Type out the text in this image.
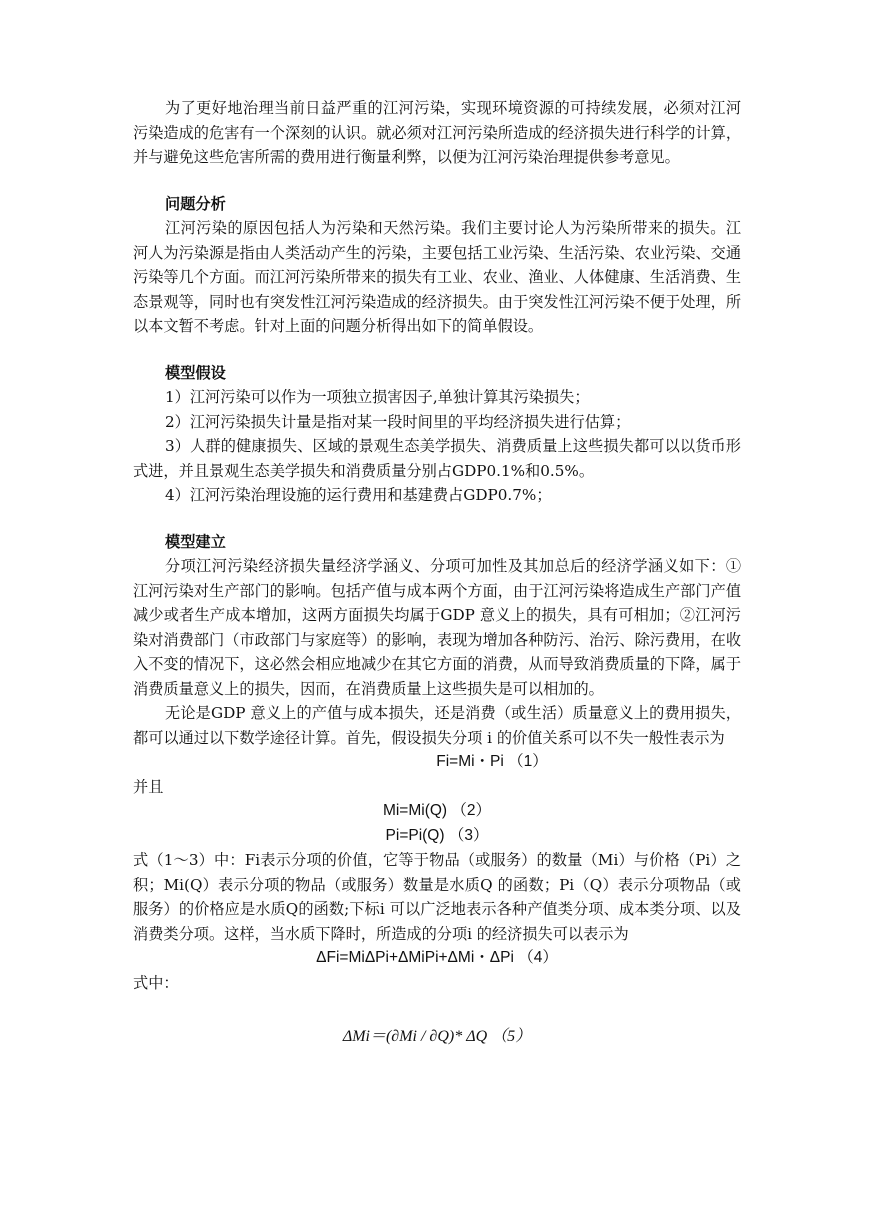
为了更好地治理当前日益严重的江河污染，实现环境资源的可持续发展，必须对江河污染造成的危害有一个深刻的认识。就必须对江河污染所造成的经济损失进行科学的计算，并与避免这些危害所需的费用进行衡量利弊，以便为江河污染治理提供参考意见。

问题分析

江河污染的原因包括人为污染和天然污染。我们主要讨论人为污染所带来的损失。江河人为污染源是指由人类活动产生的污染，主要包括工业污染、生活污染、农业污染、交通污染等几个方面。而江河污染所带来的损失有工业、农业、渔业、人体健康、生活消费、生态景观等，同时也有突发性江河污染造成的经济损失。由于突发性江河污染不便于处理，所以本文暂不考虑。针对上面的问题分析得出如下的简单假设。

模型假设

1）江河污染可以作为一项独立损害因子,单独计算其污染损失；

2）江河污染损失计量是指对某一段时间里的平均经济损失进行估算；

3）人群的健康损失、区域的景观生态美学损失、消费质量上这些损失都可以以货币形式进，并且景观生态美学损失和消费质量分别占GDP0.1%和0.5%。

4）江河污染治理设施的运行费用和基建费占GDP0.7%；

模型建立

分项江河污染经济损失量经济学涵义、分项可加性及其加总后的经济学涵义如下：①江河污染对生产部门的影响。包括产值与成本两个方面，由于江河污染将造成生产部门产值减少或者生产成本增加，这两方面损失均属于GDP 意义上的损失，具有可相加；②江河污染对消费部门（市政部门与家庭等）的影响，表现为增加各种防污、治污、除污费用，在收入不变的情况下，这必然会相应地减少在其它方面的消费，从而导致消费质量的下降，属于消费质量意义上的损失，因而，在消费质量上这些损失是可以相加的。

无论是GDP 意义上的产值与成本损失，还是消费（或生活）质量意义上的费用损失，都可以通过以下数学途径计算。首先，假设损失分项 i 的价值关系可以不失一般性表示为

Fi=Mi・Pi （1）

并且

Mi=Mi(Q) （2）

Pi=Pi(Q) （3）

式（1～3）中：Fi表示分项的价值，它等于物品（或服务）的数量（Mi）与价格（Pi）之积；Mi(Q）表示分项的物品（或服务）数量是水质Q 的函数；Pi（Q）表示分项物品（或服务）的价格应是水质Q的函数;下标i 可以广泛地表示各种产值类分项、成本类分项、以及消费类分项。这样，当水质下降时，所造成的分项i 的经济损失可以表示为

ΔFi=MiΔPi+ΔMiPi+ΔMi・ΔPi （4）

式中：

ΔMi＝(∂Mi / ∂Q)* ΔQ （5）
